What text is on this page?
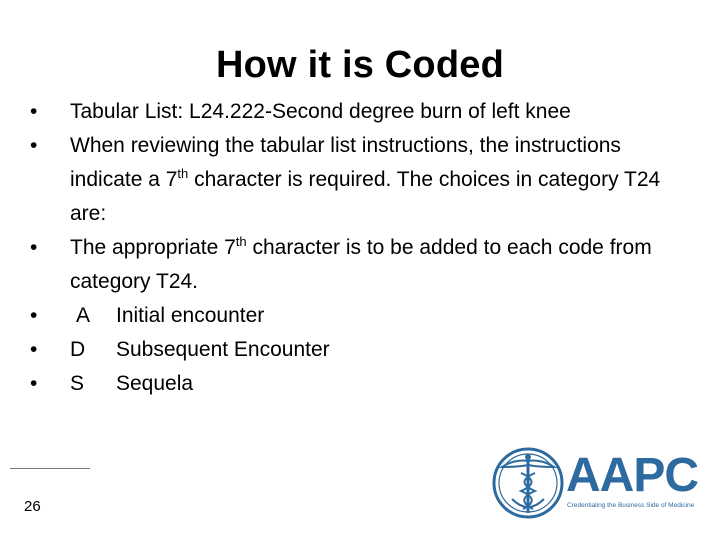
How it is Coded
• Tabular List: L24.222-Second degree burn of left knee
• When reviewing the tabular list instructions, the instructions indicate a 7th character is required. The choices in category T24 are:
• The appropriate 7th character is to be added to each code from category T24.
• A Initial encounter
• D Subsequent Encounter
• S Sequela
26
AAPC
Credentialing the Business Side of Medicine
